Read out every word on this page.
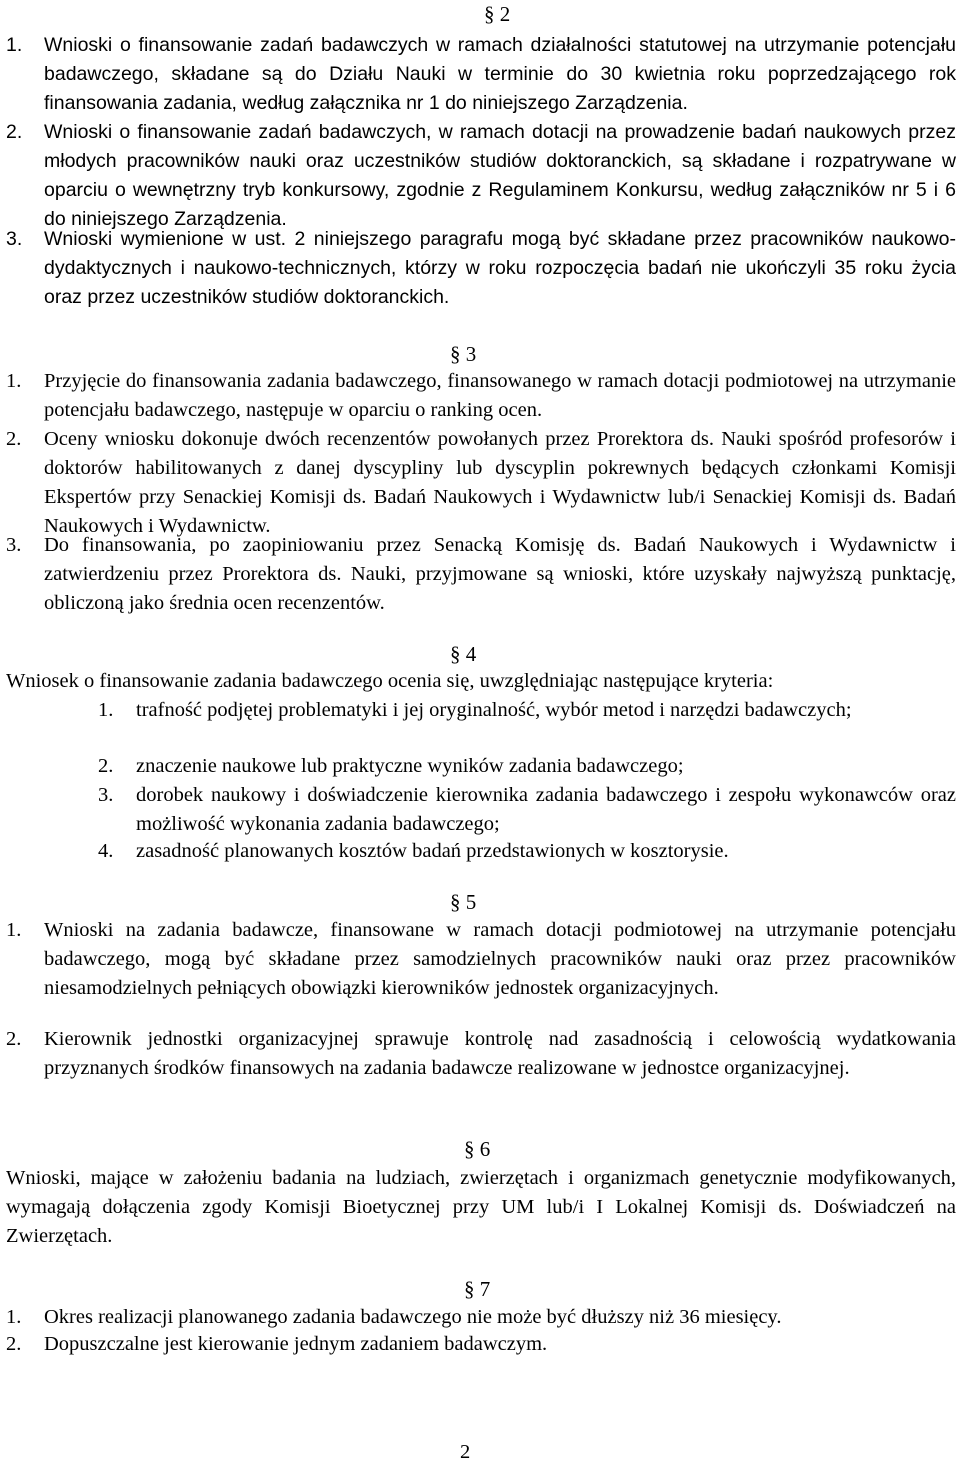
§ 2
1. Wnioski o finansowanie zadań badawczych w ramach działalności statutowej na utrzymanie potencjału badawczego, składane są do Działu Nauki w terminie do 30 kwietnia roku poprzedzającego rok finansowania zadania, według załącznika nr 1 do niniejszego Zarządzenia.
2. Wnioski o finansowanie zadań badawczych, w ramach dotacji na prowadzenie badań naukowych przez młodych pracowników nauki oraz uczestników studiów doktoranckich, są składane i rozpatrywane w oparciu o wewnętrzny tryb konkursowy, zgodnie z Regulaminem Konkursu, według załączników nr 5 i 6 do niniejszego Zarządzenia.
3. Wnioski wymienione w ust. 2 niniejszego paragrafu mogą być składane przez pracowników naukowo-dydaktycznych i naukowo-technicznych, którzy w roku rozpoczęcia badań nie ukończyli 35 roku życia oraz przez uczestników studiów doktoranckich.
§ 3
1. Przyjęcie do finansowania zadania badawczego, finansowanego w ramach dotacji podmiotowej na utrzymanie potencjału badawczego, następuje w oparciu o ranking ocen.
2. Oceny wniosku dokonuje dwóch recenzentów powołanych przez Prorektora ds. Nauki spośród profesorów i doktorów habilitowanych z danej dyscypliny lub dyscyplin pokrewnych będących członkami Komisji Ekspertów przy Senackiej Komisji ds. Badań Naukowych i Wydawnictw lub/i Senackiej Komisji ds. Badań Naukowych i Wydawnictw.
3. Do finansowania, po zaopiniowaniu przez Senacką Komisję ds. Badań Naukowych i Wydawnictw i zatwierdzeniu przez Prorektora ds. Nauki, przyjmowane są wnioski, które uzyskały najwyższą punktację, obliczoną jako średnia ocen recenzentów.
§ 4
Wniosek o finansowanie zadania badawczego ocenia się, uwzględniając następujące kryteria:
1. trafność podjętej problematyki i jej oryginalność, wybór metod i narzędzi badawczych;
2. znaczenie naukowe lub praktyczne wyników zadania badawczego;
3. dorobek naukowy i doświadczenie kierownika zadania badawczego i zespołu wykonawców oraz możliwość wykonania zadania badawczego;
4. zasadność planowanych kosztów badań przedstawionych w kosztorysie.
§ 5
1. Wnioski na zadania badawcze, finansowane w ramach dotacji podmiotowej na utrzymanie potencjału badawczego, mogą być składane przez samodzielnych pracowników nauki oraz przez pracowników niesamodzielnych pełniących obowiązki kierowników jednostek organizacyjnych.
2. Kierownik jednostki organizacyjnej sprawuje kontrolę nad zasadnością i celowością wydatkowania przyznanych środków finansowych na zadania badawcze realizowane w jednostce organizacyjnej.
§ 6
Wnioski, mające w założeniu badania na ludziach, zwierzętach i organizmach genetycznie modyfikowanych, wymagają dołączenia zgody Komisji Bioetycznej przy UM lub/i I Lokalnej Komisji ds. Doświadczeń na Zwierzętach.
§ 7
1. Okres realizacji planowanego zadania badawczego nie może być dłuższy niż 36 miesięcy.
2. Dopuszczalne jest kierowanie jednym zadaniem badawczym.
2
